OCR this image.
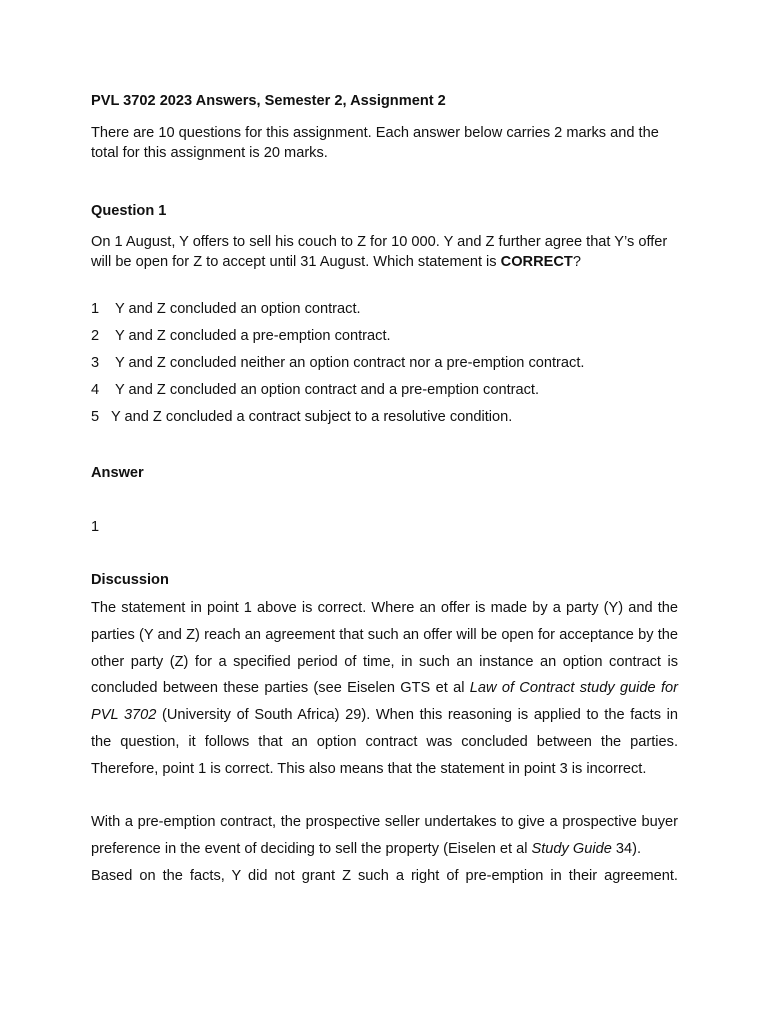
PVL 3702 2023 Answers, Semester 2, Assignment 2
There are 10 questions for this assignment. Each answer below carries 2 marks and the total for this assignment is 20 marks.
Question 1
On 1 August, Y offers to sell his couch to Z for 10 000. Y and Z further agree that Y’s offer will be open for Z to accept until 31 August. Which statement is CORRECT?
1 Y and Z concluded an option contract.
2 Y and Z concluded a pre-emption contract.
3 Y and Z concluded neither an option contract nor a pre-emption contract.
4 Y and Z concluded an option contract and a pre-emption contract.
5 Y and Z concluded a contract subject to a resolutive condition.
Answer
1
Discussion
The statement in point 1 above is correct. Where an offer is made by a party (Y) and the parties (Y and Z) reach an agreement that such an offer will be open for acceptance by the other party (Z) for a specified period of time, in such an instance an option contract is concluded between these parties (see Eiselen GTS et al Law of Contract study guide for PVL 3702 (University of South Africa) 29). When this reasoning is applied to the facts in the question, it follows that an option contract was concluded between the parties. Therefore, point 1 is correct. This also means that the statement in point 3 is incorrect.
With a pre-emption contract, the prospective seller undertakes to give a prospective buyer preference in the event of deciding to sell the property (Eiselen et al Study Guide 34).
Based on the facts, Y did not grant Z such a right of pre-emption in their agreement.
